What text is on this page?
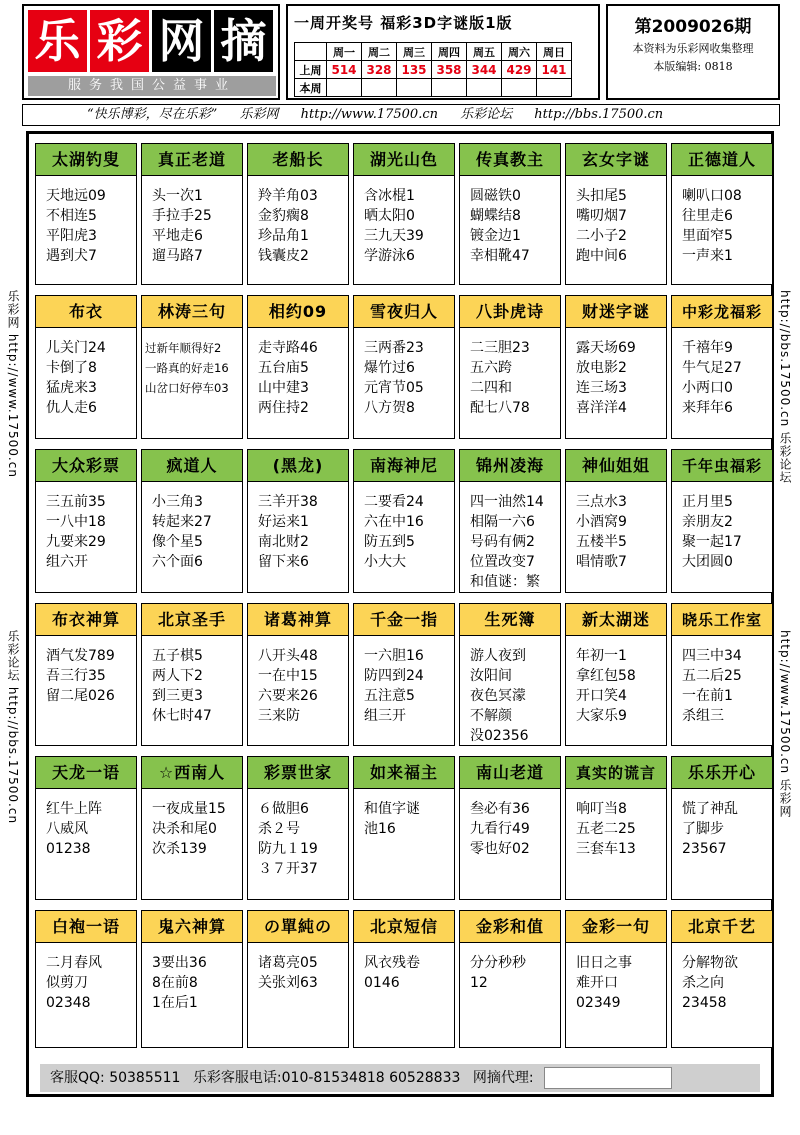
乐 彩 网 摘
服务我国公益事业
一周开奖号 福彩3D字谜版1版
	周一	周二	周三	周四	周五	周六	周日
上周	514	328	135	358	344	429	141
本周							
第2009026期
本资料为乐彩网收集整理
本版编辑: 0818
“快乐博彩，尽在乐彩” 乐彩网 http://www.17500.cn 乐彩论坛 http://bbs.17500.cn
乐彩网 http://www.17500.cn
乐彩论坛 http://bbs.17500.cn
http://bbs.17500.cn 乐彩论坛
http://www.17500.cn 乐彩网
太湖钓叟
天地远09
不相连5
平阳虎3
遇到犬7
真正老道
头一次1
手拉手25
平地走6
遛马路7
老船长
羚羊角03
金豹瘸8
珍品角1
钱囊皮2
湖光山色
含冰棍1
晒太阳0
三九天39
学游泳6
传真教主
圆磁铁0
蝴蝶结8
镀金边1
幸相靴47
玄女字谜
头扣尾5
嘴叨烟7
二小子2
跑中间6
正德道人
喇叭口08
往里走6
里面窄5
一声来1
布衣
儿关门24
卡倒了8
猛虎来3
仇人走6
林涛三句
过新年顺得好2
一路真的好走16
山岔口好停车03
相约09
走寺路46
五台庙5
山中建3
两住持2
雪夜归人
三两番23
爆竹过6
元宵节05
八方贺8
八卦虎诗
二三胆23
五六跨
二四和
配七八78
财迷字谜
露天场69
放电影2
连三场3
喜洋洋4
中彩龙福彩
千禧年9
牛气足27
小两口0
来拜年6
大众彩票
三五前35
一八中18
九要来29
组六开
疯道人
小三角3
转起来27
像个星5
六个面6
(黑龙)
三羊开38
好运来1
南北财2
留下来6
南海神尼
二要看24
六在中16
防五到5
小大大
锦州凌海
四一油然14
相隔一六6
号码有俩2
位置改变7
和值谜：繁
神仙姐姐
三点水3
小酒窝9
五楼半5
唱情歌7
千年虫福彩
正月里5
亲朋友2
聚一起17
大团圆0
布衣神算
酒气发789
吾三行35
留二尾026
北京圣手
五子棋5
两人下2
到三更3
休七时47
诸葛神算
八开头48
一在中15
六要来26
三来防
千金一指
一六胆16
防四到24
五注意5
组三开
生死簿
游人夜到
汝阳间
夜色冥濛
不解颜
没02356
新太湖迷
年初一1
拿红包58
开口笑4
大家乐9
晓乐工作室
四三中34
五二后25
一在前1
杀组三
天龙一语
红牛上阵
八威风
01238
☆西南人
一夜成量15
决杀和尾0
次杀139
彩票世家
６做胆6
杀２号
防九１19
３７开37
如来福主
和值字谜
池16
南山老道
叁必有36
九看行49
零也好02
真实的谎言
响叮当8
五老二25
三套车13
乐乐开心
慌了神乱
了脚步
23567
白袍一语
二月春风
似剪刀
02348
鬼六神算
3要出36
8在前8
1在后1
の單純の
诸葛亮05
关张刘63
北京短信
风衣残卷
0146
金彩和值
分分秒秒
12
金彩一句
旧日之事
难开口
02349
北京千艺
分解物欲
杀之向
23458
客服QQ: 50385511 乐彩客服电话:010-81534818 60528833 网摘代理:
